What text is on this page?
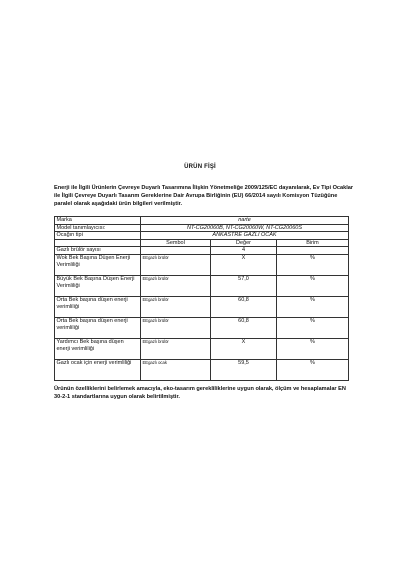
ÜRÜN FİŞİ
Enerji ile İlgili Ürünlerin Çevreye Duyarlı Tasarımına İlişkin Yönetmeliğe 2009/125/EC dayanılarak, Ev Tipi Ocaklar ile İlgili Çevreye Duyarlı Tasarım Gereklerine Dair Avrupa Birliğinin (EU) 66/2014 sayılı Komisyon Tüzüğüne paralel olarak aşağıdaki ürün bilgileri verilmiştir.
Marka	narte		
Model tanımlayıcısı:	NT-CG20060B, NT-CG20060W, NT-CG20060S		
Ocağın tipi	ANKASTRE GAZLI OCAK		
	Sembol	Değer	Birim
Gazlı brülör sayısı		4	
Wok Bek Başına Düşen Enerji Verimliliği	EEgazlı brülör	X	%
Büyük Bek Başına Düşen Enerji Verimliliği	EEgazlı brülör	57,0	%
Orta Bek başına düşen enerji verimliliği	EEgazlı brülör	60,8	%
Orta Bek başına düşen enerji verimliliği	EEgazlı brülör	60,8	%
Yardımcı Bek başına düşen enerji verimliliği	EEgazlı brülör	X	%
Gazlı ocak için enerji verimliliği	EEgazlı ocak	59,5	%
Ürünün özelliklerini belirlemek amacıyla, eko-tasarım gerekliliklerine uygun olarak, ölçüm ve hesaplamalar EN 30-2-1 standartlarına uygun olarak belirtilmiştir.
